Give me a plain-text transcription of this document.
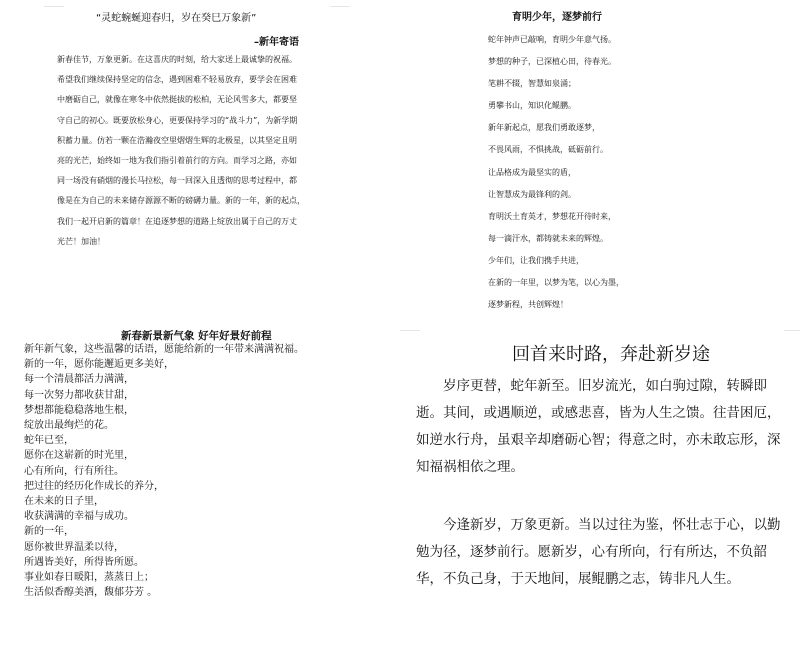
“灵蛇蜿蜒迎春归，岁在癸巳万象新”
–新年寄语
新春佳节，万象更新。在这喜庆的时刻，给大家送上最诚挚的祝福。
希望我们继续保持坚定的信念，遇到困难不轻易放弃，要学会在困难
中磨砺自己，就像在寒冬中依然挺拔的松柏，无论风雪多大，都要坚
守自己的初心。既要放松身心，更要保持学习的“战斗力”，为新学期
积蓄力量。仿若一颗在浩瀚夜空里熠熠生辉的北极星，以其坚定且明
亮的光芒，始终如一地为我们指引着前行的方向。而学习之路，亦如
同一场没有硝烟的漫长马拉松，每一回深入且透彻的思考过程中，都
像是在为自己的未来储存源源不断的磅礴力量。新的一年，新的起点，
我们一起开启新的篇章！在追逐梦想的道路上绽放出属于自己的万丈
光芒！加油！
育明少年，逐梦前行
蛇年钟声已敲响，育明少年意气扬。
梦想的种子，已深植心田，待春光。
笔耕不辍，智慧如泉涌；
勇攀书山，知识化鲲鹏。
新年新起点，愿我们勇敢逐梦，
不畏风雨，不惧挑战，砥砺前行。
让品格成为最坚实的盾，
让智慧成为最锋利的剑。
育明沃土育英才，梦想花开待时来，
每一滴汗水，都铸就未来的辉煌。
少年们，让我们携手共进，
在新的一年里，以梦为笔，以心为墨，
逐梦新程，共创辉煌！
新春新景新气象 好年好景好前程
新年新气象，这些温馨的话语，愿能给新的一年带来满满祝福。
新的一年，愿你能邂逅更多美好，
每一个清晨都活力满满，
每一次努力都收获甘甜，
梦想都能稳稳落地生根，
绽放出最绚烂的花。
蛇年已至，
愿你在这崭新的时光里，
心有所向，行有所往。
把过往的经历化作成长的养分，
在未来的日子里，
收获满满的幸福与成功。
新的一年，
愿你被世界温柔以待，
所遇皆美好，所得皆所愿。
事业如春日暖阳，蒸蒸日上；
生活似香醇美酒，馥郁芬芳 。
回首来时路，奔赴新岁途

岁序更替，蛇年新至。旧岁流光，如白驹过隙，转瞬即逝。其间，或遇顺逆，或感悲喜，皆为人生之馈。往昔困厄，如逆水行舟，虽艰辛却磨砺心智；得意之时，亦未敢忘形，深知福祸相依之理。

今逢新岁，万象更新。当以过往为鉴，怀壮志于心，以勤勉为径，逐梦前行。愿新岁，心有所向，行有所达，不负韶华，不负己身，于天地间，展鲲鹏之志，铸非凡人生。
